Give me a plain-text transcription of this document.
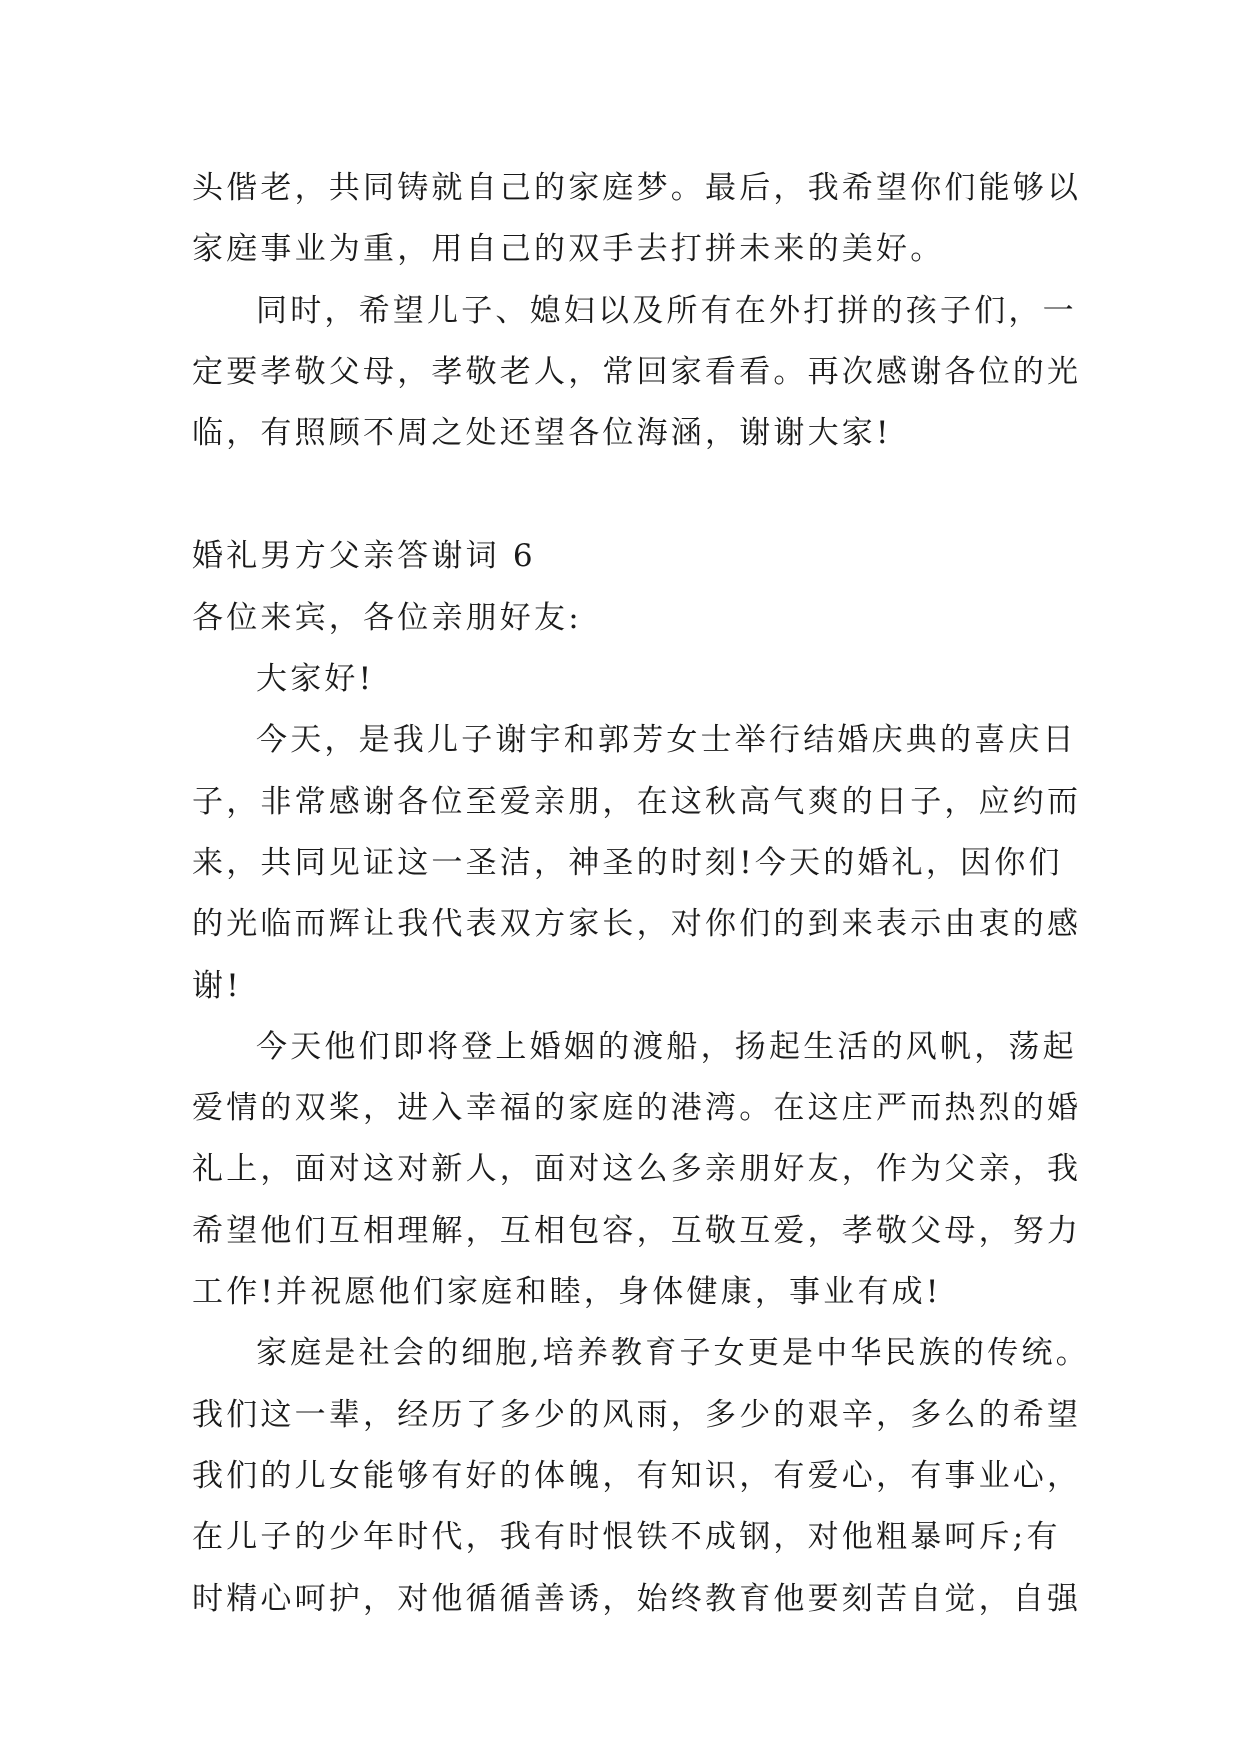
头偕老，共同铸就自己的家庭梦。最后，我希望你们能够以
家庭事业为重，用自己的双手去打拼未来的美好。
同时，希望儿子、媳妇以及所有在外打拼的孩子们，一
定要孝敬父母，孝敬老人，常回家看看。再次感谢各位的光
临，有照顾不周之处还望各位海涵，谢谢大家!
婚礼男方父亲答谢词 6
各位来宾，各位亲朋好友:
大家好!
今天，是我儿子谢宇和郭芳女士举行结婚庆典的喜庆日
子，非常感谢各位至爱亲朋，在这秋高气爽的日子，应约而
来，共同见证这一圣洁，神圣的时刻!今天的婚礼，因你们
的光临而辉让我代表双方家长，对你们的到来表示由衷的感
谢!
今天他们即将登上婚姻的渡船，扬起生活的风帆，荡起
爱情的双桨，进入幸福的家庭的港湾。在这庄严而热烈的婚
礼上，面对这对新人，面对这么多亲朋好友，作为父亲，我
希望他们互相理解，互相包容，互敬互爱，孝敬父母，努力
工作!并祝愿他们家庭和睦，身体健康，事业有成!
家庭是社会的细胞,培养教育子女更是中华民族的传统。
我们这一辈，经历了多少的风雨，多少的艰辛，多么的希望
我们的儿女能够有好的体魄，有知识，有爱心，有事业心，
在儿子的少年时代，我有时恨铁不成钢，对他粗暴呵斥;有
时精心呵护，对他循循善诱，始终教育他要刻苦自觉，自强
